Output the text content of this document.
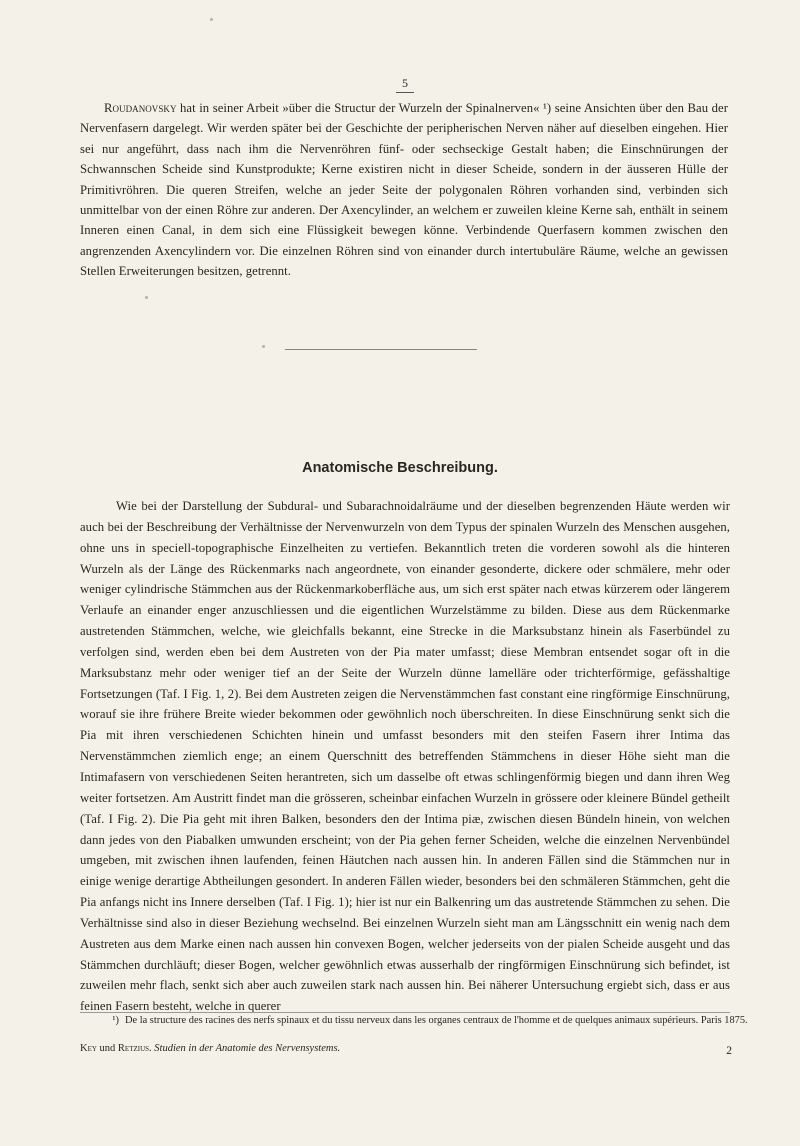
5

Roudanovsky hat in seiner Arbeit »über die Structur der Wurzeln der Spinalnerven« ¹) seine Ansichten über den Bau der Nervenfasern dargelegt. Wir werden später bei der Geschichte der peripherischen Nerven näher auf dieselben eingehen. Hier sei nur angeführt, dass nach ihm die Nervenröhren fünf- oder sechseckige Gestalt haben; die Einschnürungen der Schwannschen Scheide sind Kunstprodukte; Kerne existiren nicht in dieser Scheide, sondern in der äusseren Hülle der Primitivröhren. Die queren Streifen, welche an jeder Seite der polygonalen Röhren vorhanden sind, verbinden sich unmittelbar von der einen Röhre zur anderen. Der Axencylinder, an welchem er zuweilen kleine Kerne sah, enthält in seinem Inneren einen Canal, in dem sich eine Flüssigkeit bewegen könne. Verbindende Querfasern kommen zwischen den angrenzenden Axencylindern vor. Die einzelnen Röhren sind von einander durch intertubuläre Räume, welche an gewissen Stellen Erweiterungen besitzen, getrennt.

Anatomische Beschreibung.

Wie bei der Darstellung der Subdural- und Subarachnoidalräume und der dieselben begrenzenden Häute werden wir auch bei der Beschreibung der Verhältnisse der Nervenwurzeln von dem Typus der spinalen Wurzeln des Menschen ausgehen, ohne uns in speciell-topographische Einzelheiten zu vertiefen. Bekanntlich treten die vorderen sowohl als die hinteren Wurzeln als der Länge des Rückenmarks nach angeordnete, von einander gesonderte, dickere oder schmälere, mehr oder weniger cylindrische Stämmchen aus der Rückenmarkoberfläche aus, um sich erst später nach etwas kürzerem oder längerem Verlaufe an einander enger anzuschliessen und die eigentlichen Wurzelstämme zu bilden. Diese aus dem Rückenmarke austretenden Stämmchen, welche, wie gleichfalls bekannt, eine Strecke in die Marksubstanz hinein als Faserbündel zu verfolgen sind, werden eben bei dem Austreten von der Pia mater umfasst; diese Membran entsendet sogar oft in die Marksubstanz mehr oder weniger tief an der Seite der Wurzeln dünne lamelläre oder trichterförmige, gefässhaltige Fortsetzungen (Taf. I Fig. 1, 2). Bei dem Austreten zeigen die Nervenstämmchen fast constant eine ringförmige Einschnürung, worauf sie ihre frühere Breite wieder bekommen oder gewöhnlich noch überschreiten. In diese Einschnürung senkt sich die Pia mit ihren verschiedenen Schichten hinein und umfasst besonders mit den steifen Fasern ihrer Intima das Nervenstämmchen ziemlich enge; an einem Querschnitt des betreffenden Stämmchens in dieser Höhe sieht man die Intimafasern von verschiedenen Seiten herantreten, sich um dasselbe oft etwas schlingenförmig biegen und dann ihren Weg weiter fortsetzen. Am Austritt findet man die grösseren, scheinbar einfachen Wurzeln in grössere oder kleinere Bündel getheilt (Taf. I Fig. 2). Die Pia geht mit ihren Balken, besonders den der Intima piæ, zwischen diesen Bündeln hinein, von welchen dann jedes von den Piabalken umwunden erscheint; von der Pia gehen ferner Scheiden, welche die einzelnen Nervenbündel umgeben, mit zwischen ihnen laufenden, feinen Häutchen nach aussen hin. In anderen Fällen sind die Stämmchen nur in einige wenige derartige Abtheilungen gesondert. In anderen Fällen wieder, besonders bei den schmäleren Stämmchen, geht die Pia anfangs nicht ins Innere derselben (Taf. I Fig. 1); hier ist nur ein Balkenring um das austretende Stämmchen zu sehen. Die Verhältnisse sind also in dieser Beziehung wechselnd. Bei einzelnen Wurzeln sieht man am Längsschnitt ein wenig nach dem Austreten aus dem Marke einen nach aussen hin convexen Bogen, welcher jederseits von der pialen Scheide ausgeht und das Stämmchen durchläuft; dieser Bogen, welcher gewöhnlich etwas ausserhalb der ringförmigen Einschnürung sich befindet, ist zuweilen mehr flach, senkt sich aber auch zuweilen stark nach aussen hin. Bei näherer Untersuchung ergiebt sich, dass er aus feinen Fasern besteht, welche in querer

¹) De la structure des racines des nerfs spinaux et du tissu nerveux dans les organes centraux de l'homme et de quelques animaux supérieurs. Paris 1875.

Key und Retzius. Studien in der Anatomie des Nervensystems.	2
